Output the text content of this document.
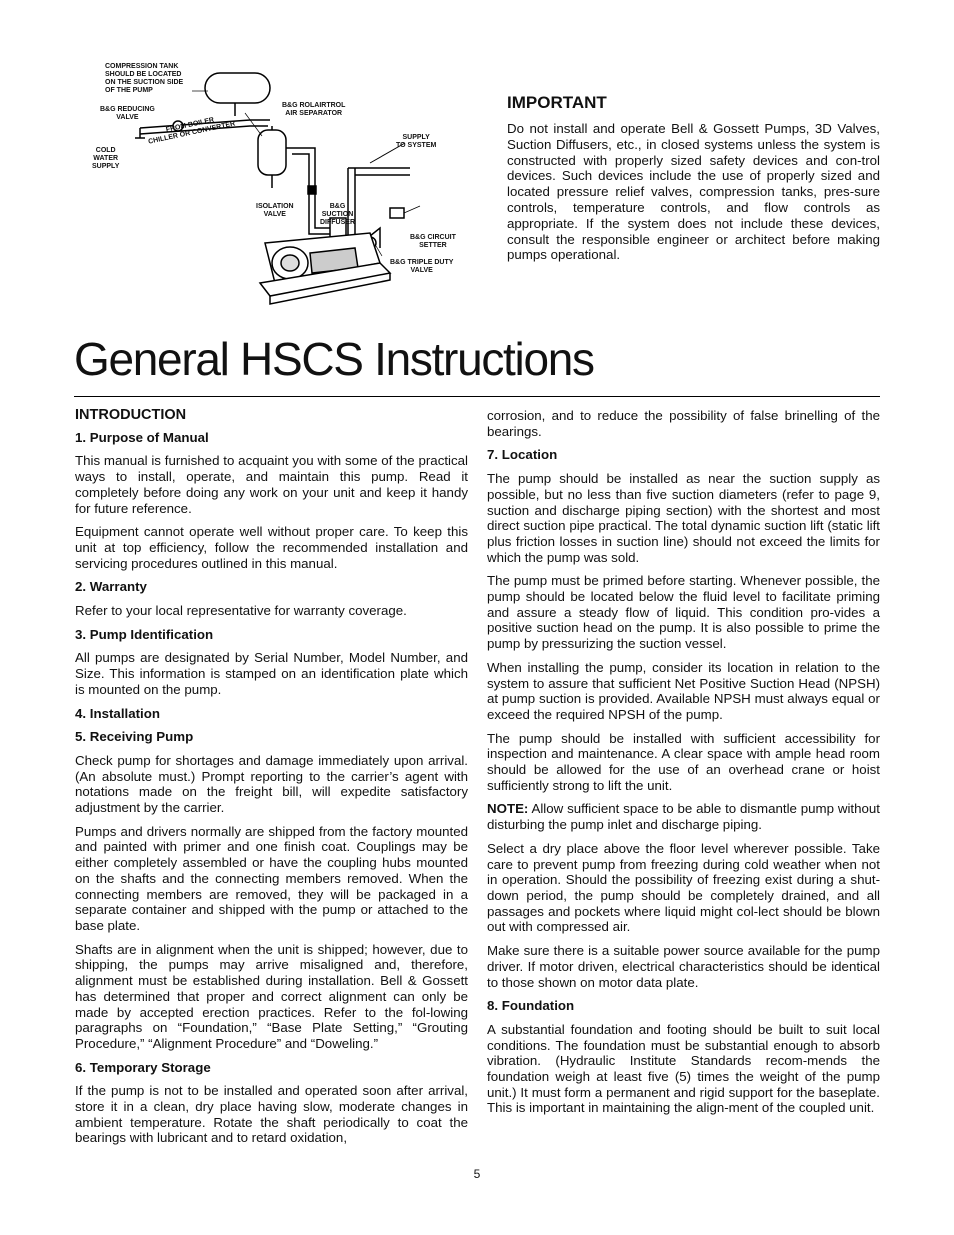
COMPRESSION TANK
SHOULD BE LOCATED
ON THE SUCTION SIDE
OF THE PUMP
B&G REDUCING
VALVE
B&G ROLAIRTROL
AIR SEPARATOR
FROM BOILER
CHILLER OR CONVERTER
COLD
WATER
SUPPLY
SUPPLY
TO SYSTEM
ISOLATION
VALVE
B&G
SUCTION
DIFFUSER
B&G CIRCUIT
SETTER
B&G TRIPLE DUTY
VALVE
IMPORTANT

Do not install and operate Bell & Gossett Pumps, 3D Valves, Suction Diffusers, etc., in closed systems unless the system is constructed with properly sized safety devices and con-trol devices. Such devices include the use of properly sized and located pressure relief valves, compression tanks, pres-sure controls, temperature controls, and flow controls as appropriate. If the system does not include these devices, consult the responsible engineer or architect before making pumps operational.

General HSCS Instructions
INTRODUCTION
1. Purpose of Manual

This manual is furnished to acquaint you with some of the practical ways to install, operate, and maintain this pump. Read it completely before doing any work on your unit and keep it handy for future reference.

Equipment cannot operate well without proper care. To keep this unit at top efficiency, follow the recommended installation and servicing procedures outlined in this manual.

2. Warranty

Refer to your local representative for warranty coverage.

3. Pump Identification

All pumps are designated by Serial Number, Model Number, and Size. This information is stamped on an identification plate which is mounted on the pump.

4. Installation
5. Receiving Pump

Check pump for shortages and damage immediately upon arrival. (An absolute must.) Prompt reporting to the carrier’s agent with notations made on the freight bill, will expedite satisfactory adjustment by the carrier.

Pumps and drivers normally are shipped from the factory mounted and painted with primer and one finish coat. Couplings may be either completely assembled or have the coupling hubs mounted on the shafts and the connecting members removed. When the connecting members are removed, they will be packaged in a separate container and shipped with the pump or attached to the base plate.

Shafts are in alignment when the unit is shipped; however, due to shipping, the pumps may arrive misaligned and, therefore, alignment must be established during installation. Bell & Gossett has determined that proper and correct alignment can only be made by accepted erection practices. Refer to the fol-lowing paragraphs on “Foundation,” “Base Plate Setting,” “Grouting Procedure,” “Alignment Procedure” and “Doweling.”

6. Temporary Storage

If the pump is not to be installed and operated soon after arrival, store it in a clean, dry place having slow, moderate changes in ambient temperature. Rotate the shaft periodically to coat the bearings with lubricant and to retard oxidation,

corrosion, and to reduce the possibility of false brinelling of the bearings.

7. Location

The pump should be installed as near the suction supply as possible, but no less than five suction diameters (refer to page 9, suction and discharge piping section) with the shortest and most direct suction pipe practical. The total dynamic suction lift (static lift plus friction losses in suction line) should not exceed the limits for which the pump was sold.

The pump must be primed before starting. Whenever possible, the pump should be located below the fluid level to facilitate priming and assure a steady flow of liquid. This condition pro-vides a positive suction head on the pump. It is also possible to prime the pump by pressurizing the suction vessel.

When installing the pump, consider its location in relation to the system to assure that sufficient Net Positive Suction Head (NPSH) at pump suction is provided. Available NPSH must always equal or exceed the required NPSH of the pump.

The pump should be installed with sufficient accessibility for inspection and maintenance. A clear space with ample head room should be allowed for the use of an overhead crane or hoist sufficiently strong to lift the unit.

NOTE: Allow sufficient space to be able to dismantle pump without disturbing the pump inlet and discharge piping.

Select a dry place above the floor level wherever possible. Take care to prevent pump from freezing during cold weather when not in operation. Should the possibility of freezing exist during a shut-down period, the pump should be completely drained, and all passages and pockets where liquid might col-lect should be blown out with compressed air.

Make sure there is a suitable power source available for the pump driver. If motor driven, electrical characteristics should be identical to those shown on motor data plate.

8. Foundation

A substantial foundation and footing should be built to suit local conditions. The foundation must be substantial enough to absorb vibration. (Hydraulic Institute Standards recom-mends the foundation weigh at least five (5) times the weight of the pump unit.) It must form a permanent and rigid support for the baseplate. This is important in maintaining the align-ment of the coupled unit.

5
